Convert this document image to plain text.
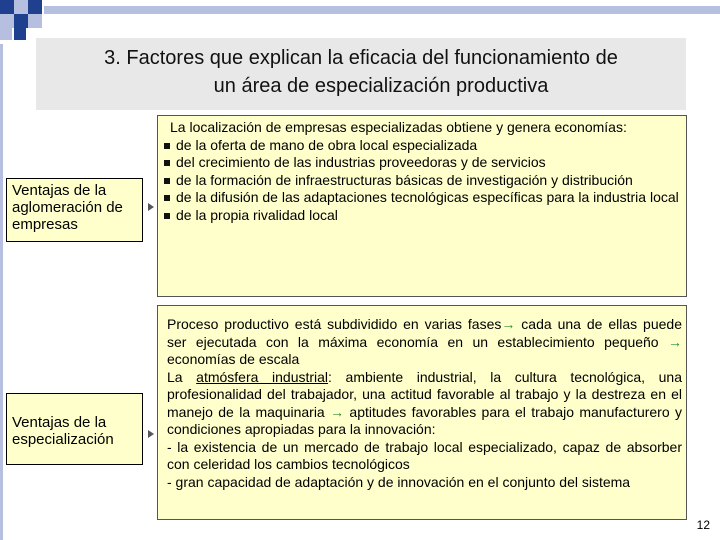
3. Factores que explican la eficacia del funcionamiento de
un área de especialización productiva
Ventajas de la aglomeración de empresas
Ventajas de la especialización

La localización de empresas especializadas obtiene y genera economías:

de la oferta de mano de obra local especializada

del crecimiento de las industrias proveedoras y de servicios

de la formación de infraestructuras básicas de investigación y distribución

de la difusión de las adaptaciones tecnológicas específicas para la industria local

de la propia rivalidad local

Proceso productivo está subdividido en varias fases→ cada una de ellas puede ser ejecutada con la máxima economía en un establecimiento pequeño → economías de escala

La atmósfera industrial: ambiente industrial, la cultura tecnológica, una profesionalidad del trabajador, una actitud favorable al trabajo y la destreza en el manejo de la maquinaria → aptitudes favorables para el trabajo manufacturero y condiciones apropiadas para la innovación:

- la existencia de un mercado de trabajo local especializado, capaz de absorber con celeridad los cambios tecnológicos

- gran capacidad de adaptación y de innovación en el conjunto del sistema

12
